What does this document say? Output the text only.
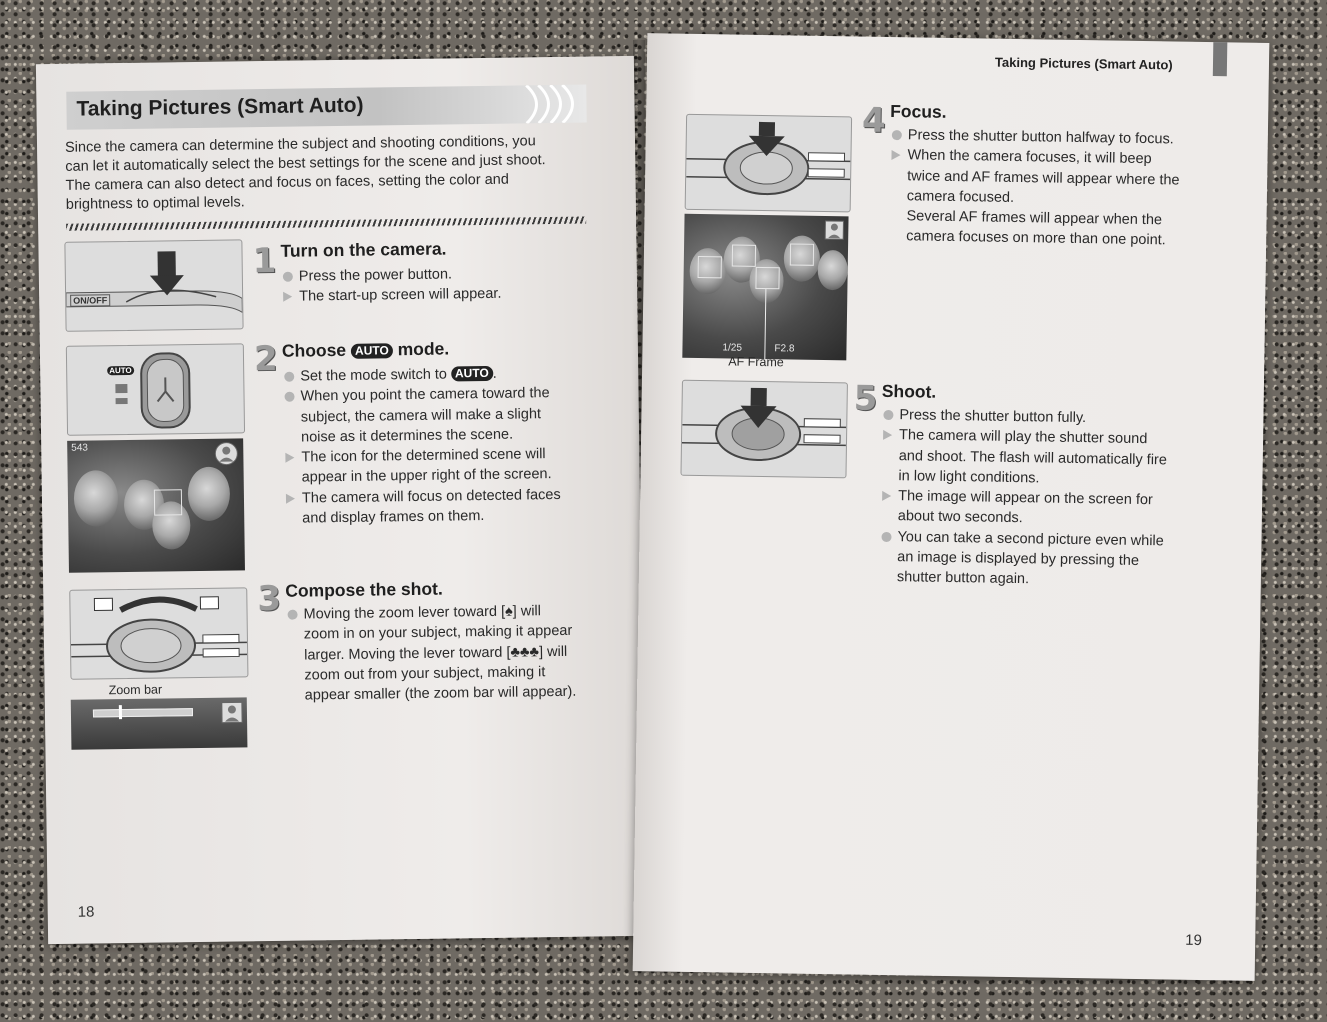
Taking Pictures (Smart Auto)
Since the camera can determine the subject and shooting conditions, you
can let it automatically select the best settings for the scene and just shoot.
The camera can also detect and focus on faces, setting the color and
brightness to optimal levels.
ON/OFF
AUTO
543
Zoom bar
1 Turn on the camera.
Press the power button.
The start-up screen will appear.
2 Choose AUTO mode.
Set the mode switch to AUTO .
When you point the camera toward the
subject, the camera will make a slight
noise as it determines the scene.
The icon for the determined scene will
appear in the upper right of the screen.
The camera will focus on detected faces
and display frames on them.
3 Compose the shot.
Moving the zoom lever toward [♠] will
zoom in on your subject, making it appear
larger. Moving the lever toward [♣♣♣] will
zoom out from your subject, making it
appear smaller (the zoom bar will appear).
18
Taking Pictures (Smart Auto)
1/25	F2.8
AF Frame
4 Focus.
Press the shutter button halfway to focus.
When the camera focuses, it will beep
twice and AF frames will appear where the
camera focused.
Several AF frames will appear when the
camera focuses on more than one point.
5 Shoot.
Press the shutter button fully.
The camera will play the shutter sound
and shoot. The flash will automatically fire
in low light conditions.
The image will appear on the screen for
about two seconds.
You can take a second picture even while
an image is displayed by pressing the
shutter button again.
19
